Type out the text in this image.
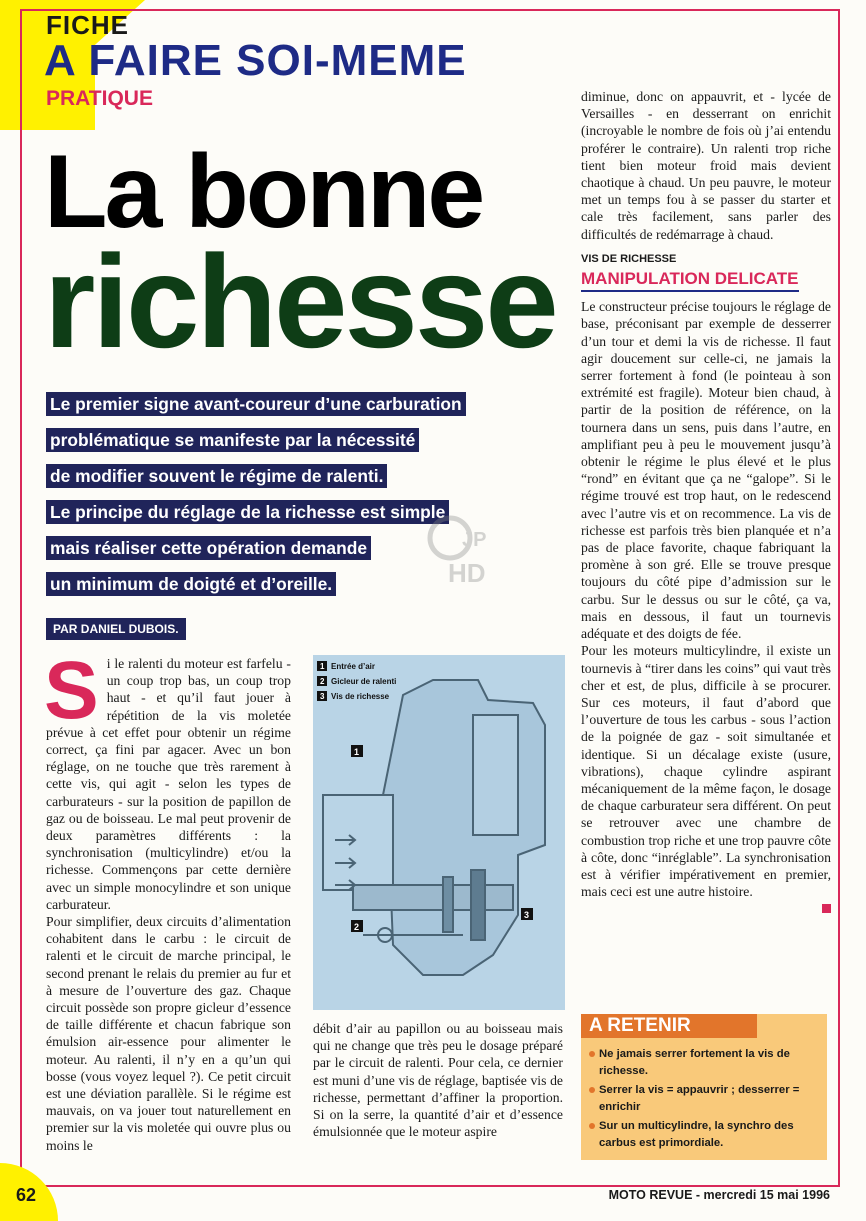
FICHE
A FAIRE SOI-MEME
PRATIQUE
La bonne
richesse
Le premier signe avant-coureur d’une carburation
problématique se manifeste par la nécessité
de modifier souvent le régime de ralenti.
Le principe du réglage de la richesse est simple
mais réaliser cette opération demande
un minimum de doigté et d’oreille.
JP
HD
PAR DANIEL DUBOIS.
S i le ralenti du moteur est farfelu - un coup trop bas, un coup trop haut - et qu’il faut jouer à répétition de la vis moletée prévue à cet effet pour obtenir un régime correct, ça fini par agacer. Avec un bon réglage, on ne touche que très rarement à cette vis, qui agit - selon les types de carburateurs - sur la position de papillon de gaz ou de boisseau. Le mal peut provenir de deux paramètres différents : la synchronisation (multicylindre) et/ou la richesse. Commençons par cette dernière avec un simple monocylindre et son unique carburateur.

Pour simplifier, deux circuits d’alimentation cohabitent dans le carbu : le circuit de ralenti et le circuit de marche principal, le second prenant le relais du premier au fur et à mesure de l’ouverture des gaz. Chaque circuit possède son propre gicleur d’essence de taille différente et chacun fabrique son émulsion air-essence pour alimenter le moteur. Au ralenti, il n’y en a qu’un qui bosse (vous voyez lequel ?). Ce petit circuit est une déviation parallèle. Si le régime est mauvais, on va jouer tout naturellement en premier sur la vis moletée qui ouvre plus ou moins le

1 Entrée d’air
2 Gicleur de ralenti
3 Vis de richesse
1
2
3

débit d’air au papillon ou au boisseau mais qui ne change que très peu le dosage préparé par le circuit de ralenti. Pour cela, ce dernier est muni d’une vis de réglage, baptisée vis de richesse, permettant d’affiner la proportion. Si on la serre, la quantité d’air et d’essence émulsionnée que le moteur aspire

diminue, donc on appauvrit, et - lycée de Versailles - en desserrant on enrichit (incroyable le nombre de fois où j’ai entendu proférer le contraire). Un ralenti trop riche tient bien moteur froid mais devient chaotique à chaud. Un peu pauvre, le moteur met un temps fou à se passer du starter et cale très facilement, sans parler des difficultés de redémarrage à chaud.

VIS DE RICHESSE
MANIPULATION DELICATE

Le constructeur précise toujours le réglage de base, préconisant par exemple de desserrer d’un tour et demi la vis de richesse. Il faut agir doucement sur celle-ci, ne jamais la serrer fortement à fond (le pointeau à son extrémité est fragile). Moteur bien chaud, à partir de la position de référence, on la tournera dans un sens, puis dans l’autre, en amplifiant peu à peu le mouvement jusqu’à obtenir le régime le plus élevé et le plus “rond” en évitant que ça ne “galope”. Si le régime trouvé est trop haut, on le redescend avec l’autre vis et on recommence. La vis de richesse est parfois très bien planquée et n’a pas de place favorite, chaque fabriquant la promène à son gré. Elle se trouve presque toujours du côté pipe d’admission sur le carbu. Sur le dessus ou sur le côté, ça va, mais en dessous, il faut un tournevis adéquate et des doigts de fée.

Pour les moteurs multicylindre, il existe un tournevis à “tirer dans les coins” qui vaut très cher et est, de plus, difficile à se procurer. Sur ces moteurs, il faut d’abord que l’ouverture de tous les carbus - sous l’action de la poignée de gaz - soit simultanée et identique. Si un décalage existe (usure, vibrations), chaque cylindre aspirant mécaniquement de la même façon, le dosage de chaque carburateur sera différent. On peut se retrouver avec une chambre de combustion trop riche et une trop pauvre côte à côte, donc “inréglable”. La synchronisation est à vérifier impérativement en premier, mais ceci est une autre histoire.

A RETENIR
Ne jamais serrer fortement la vis de richesse.
Serrer la vis = appauvrir ; desserrer = enrichir
Sur un multicylindre, la synchro des carbus est primordiale.
62	MOTO REVUE - mercredi 15 mai 1996
